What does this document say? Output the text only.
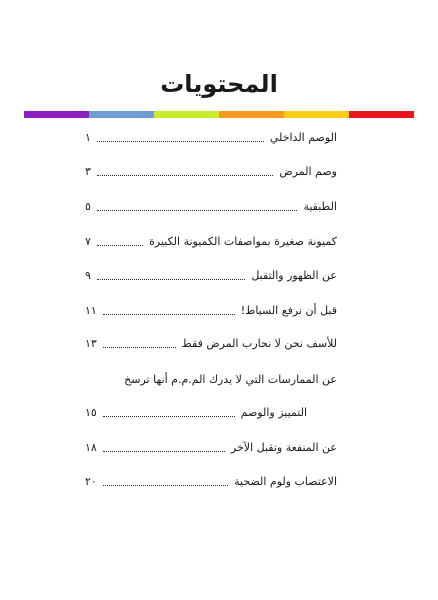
المحتويات
الوصم الداخلي
١
وصم المرض
٣
الطبقية
٥
كميونة صغيرة بمواصفات الكميونة الكبيرة
٧
عن الظهور والتقبل
٩
قبل أن نرفع السياط!
١١
للأسف نحن لا نحارب المرض فقط
١٣
عن الممارسات التي لا يدرك الم.م.م أنها ترسخ
التمييز والوصم
١٥
عن المنفعة وتقبل الآخر
١٨
الاعتصاب ولوم الضحية
٢٠
